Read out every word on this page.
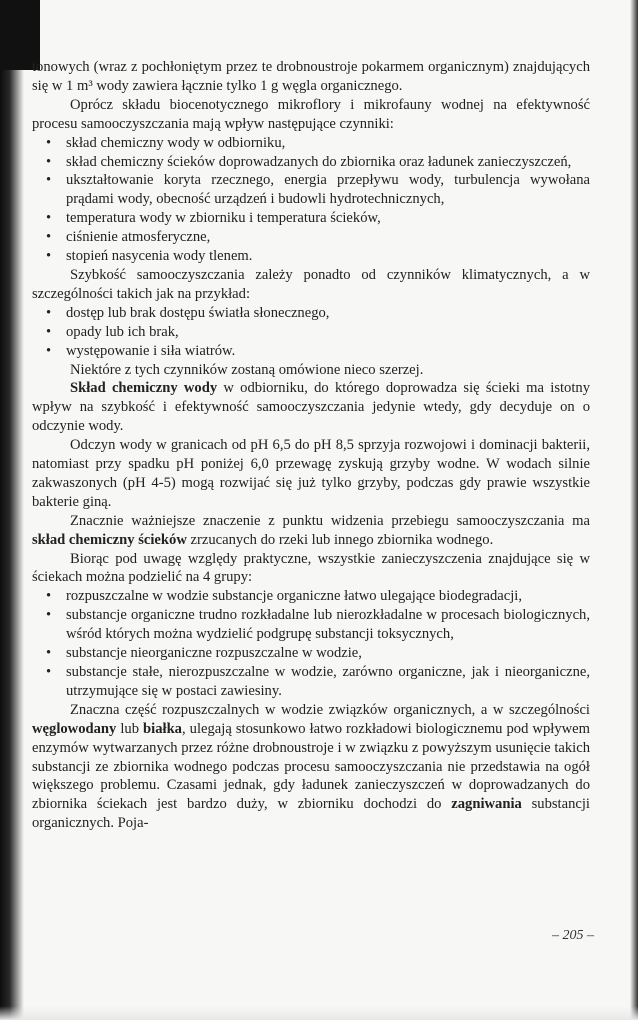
tonowych (wraz z pochłoniętym przez te drobnoustroje pokarmem organicznym) znajdujących się w 1 m³ wody zawiera łącznie tylko 1 g węgla organicznego.

Oprócz składu biocenotycznego mikroflory i mikrofauny wodnej na efektywność procesu samooczyszczania mają wpływ następujące czynniki:

• skład chemiczny wody w odbiorniku,
• skład chemiczny ścieków doprowadzanych do zbiornika oraz ładunek zanieczyszczeń,
• ukształtowanie koryta rzecznego, energia przepływu wody, turbulencja wywołana prądami wody, obecność urządzeń i budowli hydrotechnicznych,
• temperatura wody w zbiorniku i temperatura ścieków,
• ciśnienie atmosferyczne,
• stopień nasycenia wody tlenem.

Szybkość samooczyszczania zależy ponadto od czynników klimatycznych, a w szczególności takich jak na przykład:

• dostęp lub brak dostępu światła słonecznego,
• opady lub ich brak,
• występowanie i siła wiatrów.

Niektóre z tych czynników zostaną omówione nieco szerzej.

Skład chemiczny wody w odbiorniku, do którego doprowadza się ścieki ma istotny wpływ na szybkość i efektywność samooczyszczania jedynie wtedy, gdy decyduje on o odczynie wody.

Odczyn wody w granicach od pH 6,5 do pH 8,5 sprzyja rozwojowi i dominacji bakterii, natomiast przy spadku pH poniżej 6,0 przewagę zyskują grzyby wodne. W wodach silnie zakwaszonych (pH 4-5) mogą rozwijać się już tylko grzyby, podczas gdy prawie wszystkie bakterie giną.

Znacznie ważniejsze znaczenie z punktu widzenia przebiegu samooczyszczania ma skład chemiczny ścieków zrzucanych do rzeki lub innego zbiornika wodnego.

Biorąc pod uwagę względy praktyczne, wszystkie zanieczyszczenia znajdujące się w ściekach można podzielić na 4 grupy:

• rozpuszczalne w wodzie substancje organiczne łatwo ulegające biodegradacji,
• substancje organiczne trudno rozkładalne lub nierozkładalne w procesach biologicznych, wśród których można wydzielić podgrupę substancji toksycznych,
• substancje nieorganiczne rozpuszczalne w wodzie,
• substancje stałe, nierozpuszczalne w wodzie, zarówno organiczne, jak i nieorganiczne, utrzymujące się w postaci zawiesiny.

Znaczna część rozpuszczalnych w wodzie związków organicznych, a w szczególności węglowodany lub białka, ulegają stosunkowo łatwo rozkładowi biologicznemu pod wpływem enzymów wytwarzanych przez różne drobnoustroje i w związku z powyższym usunięcie takich substancji ze zbiornika wodnego podczas procesu samooczyszczania nie przedstawia na ogół większego problemu. Czasami jednak, gdy ładunek zanieczyszczeń w doprowadzanych do zbiornika ściekach jest bardzo duży, w zbiorniku dochodzi do zagniwania substancji organicznych. Poja-

– 205 –
